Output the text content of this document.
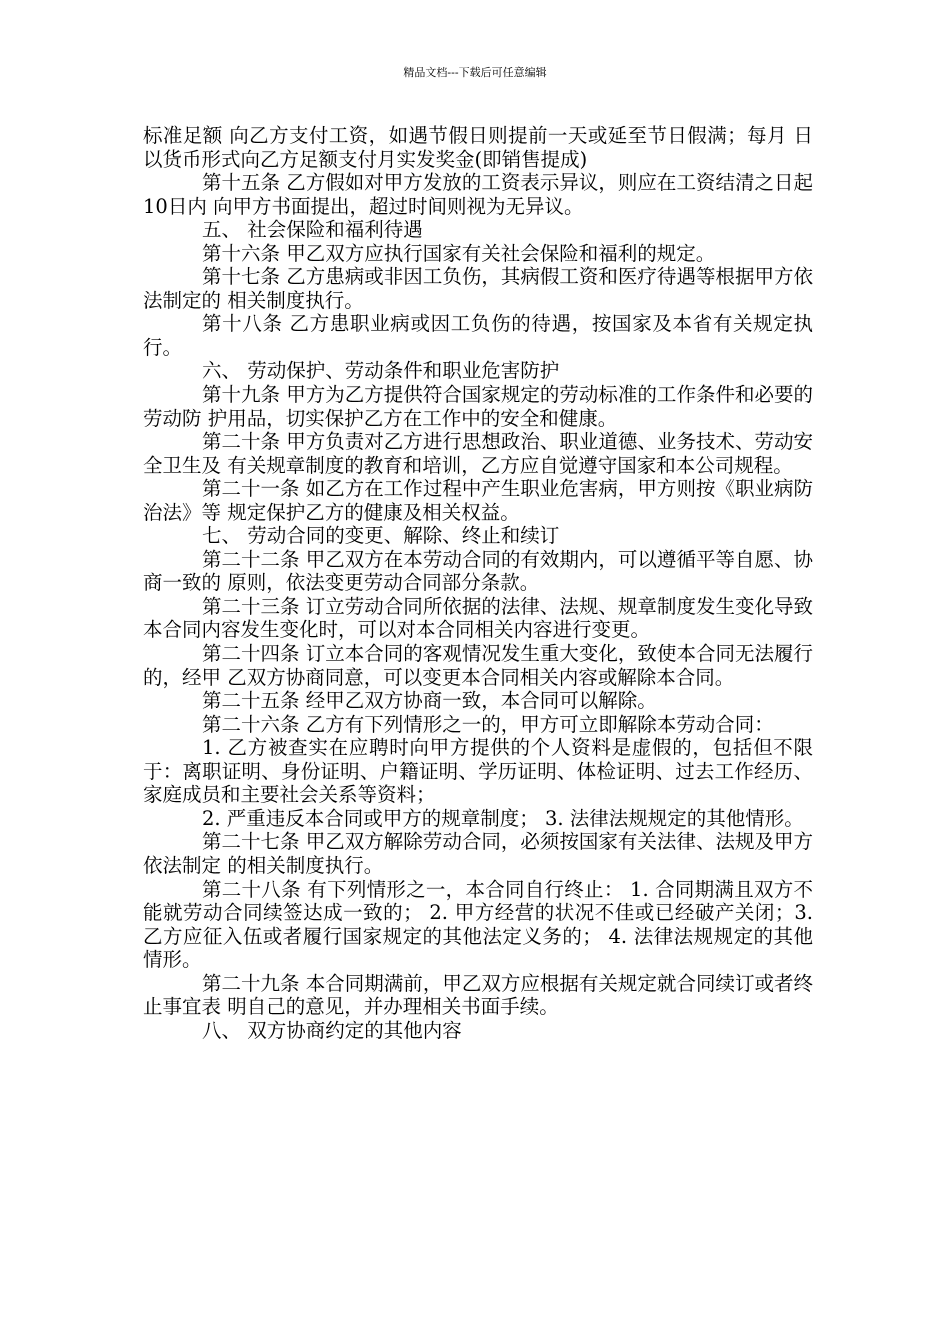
精品文档---下载后可任意编辑

标准足额 向乙方支付工资，如遇节假日则提前一天或延至节日假满；每月 日以货币形式向乙方足额支付月实发奖金(即销售提成)

第十五条 乙方假如对甲方发放的工资表示异议，则应在工资结清之日起10日内 向甲方书面提出，超过时间则视为无异议。

五、 社会保险和福利待遇

第十六条 甲乙双方应执行国家有关社会保险和福利的规定。

第十七条 乙方患病或非因工负伤，其病假工资和医疗待遇等根据甲方依法制定的 相关制度执行。

第十八条 乙方患职业病或因工负伤的待遇，按国家及本省有关规定执行。

六、 劳动保护、劳动条件和职业危害防护

第十九条 甲方为乙方提供符合国家规定的劳动标准的工作条件和必要的劳动防 护用品，切实保护乙方在工作中的安全和健康。

第二十条 甲方负责对乙方进行思想政治、职业道德、业务技术、劳动安全卫生及 有关规章制度的教育和培训，乙方应自觉遵守国家和本公司规程。

第二十一条 如乙方在工作过程中产生职业危害病，甲方则按《职业病防治法》等 规定保护乙方的健康及相关权益。

七、 劳动合同的变更、解除、终止和续订

第二十二条 甲乙双方在本劳动合同的有效期内，可以遵循平等自愿、协商一致的 原则，依法变更劳动合同部分条款。

第二十三条 订立劳动合同所依据的法律、法规、规章制度发生变化导致本合同内容发生变化时，可以对本合同相关内容进行变更。

第二十四条 订立本合同的客观情况发生重大变化，致使本合同无法履行的，经甲 乙双方协商同意，可以变更本合同相关内容或解除本合同。

第二十五条 经甲乙双方协商一致，本合同可以解除。

第二十六条 乙方有下列情形之一的，甲方可立即解除本劳动合同：

1. 乙方被查实在应聘时向甲方提供的个人资料是虚假的，包括但不限于：离职证明、身份证明、户籍证明、学历证明、体检证明、过去工作经历、家庭成员和主要社会关系等资料；

2. 严重违反本合同或甲方的规章制度； 3. 法律法规规定的其他情形。

第二十七条 甲乙双方解除劳动合同，必须按国家有关法律、法规及甲方依法制定 的相关制度执行。

第二十八条 有下列情形之一，本合同自行终止： 1. 合同期满且双方不能就劳动合同续签达成一致的； 2. 甲方经营的状况不佳或已经破产关闭；3. 乙方应征入伍或者履行国家规定的其他法定义务的； 4. 法律法规规定的其他情形。

第二十九条 本合同期满前，甲乙双方应根据有关规定就合同续订或者终止事宜表 明自己的意见，并办理相关书面手续。

八、 双方协商约定的其他内容
